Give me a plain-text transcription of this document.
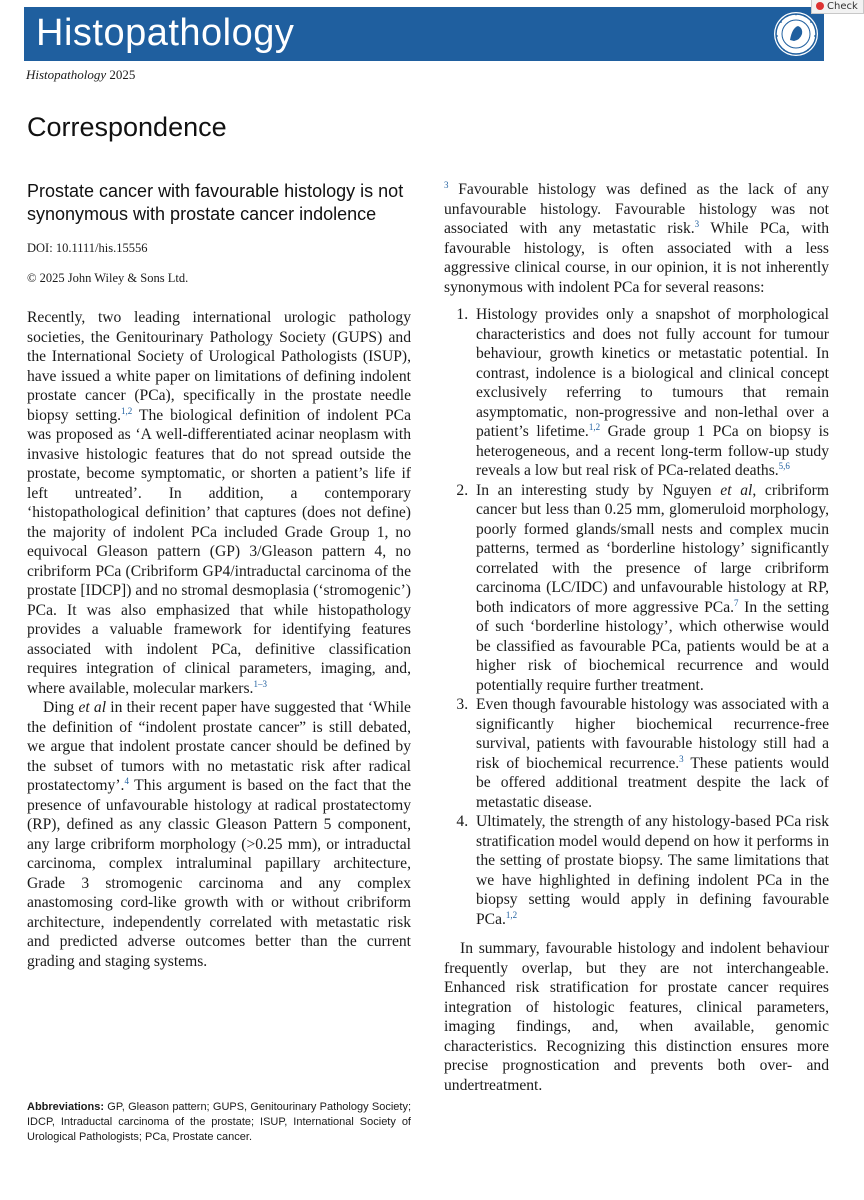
Histopathology
Check
Histopathology 2025
Correspondence
Prostate cancer with favourable histology is not synonymous with prostate cancer indolence
DOI: 10.1111/his.15556
© 2025 John Wiley & Sons Ltd.

Recently, two leading international urologic pathology societies, the Genitourinary Pathology Society (GUPS) and the International Society of Urological Pathologists (ISUP), have issued a white paper on limitations of defining indolent prostate cancer (PCa), specifically in the prostate needle biopsy setting.$^{1,2}$ The biological definition of indolent PCa was proposed as ‘A well-differentiated acinar neoplasm with invasive histologic features that do not spread outside the prostate, become symptomatic, or shorten a patient’s life if left untreated’. In addition, a contemporary ‘histopathological definition’ that captures (does not define) the majority of indolent PCa included Grade Group 1, no equivocal Gleason pattern (GP) 3/Gleason pattern 4, no cribriform PCa (Cribriform GP4/intraductal carcinoma of the prostate [IDCP]) and no stromal desmoplasia (‘stromogenic’) PCa. It was also emphasized that while histopathology provides a valuable framework for identifying features associated with indolent PCa, definitive classification requires integration of clinical parameters, imaging, and, where available, molecular markers.$^{1-3}$

Ding et al in their recent paper have suggested that ‘While the definition of “indolent prostate cancer” is still debated, we argue that indolent prostate cancer should be defined by the subset of tumors with no metastatic risk after radical prostatectomy’.$^4$ This argument is based on the fact that the presence of unfavourable histology at radical prostatectomy (RP), defined as any classic Gleason Pattern 5 component, any large cribriform morphology (>0.25 mm), or intraductal carcinoma, complex intraluminal papillary architecture, Grade 3 stromogenic carcinoma and any complex anastomosing cord-like growth with or without cribriform architecture, independently correlated with metastatic risk and predicted adverse outcomes better than the current grading and staging systems.

$^3$ Favourable histology was defined as the lack of any unfavourable histology. Favourable histology was not associated with any metastatic risk.$^3$ While PCa, with favourable histology, is often associated with a less aggressive clinical course, in our opinion, it is not inherently synonymous with indolent PCa for several reasons:

1. Histology provides only a snapshot of morphological characteristics and does not fully account for tumour behaviour, growth kinetics or metastatic potential. In contrast, indolence is a biological and clinical concept exclusively referring to tumours that remain asymptomatic, non-progressive and non-lethal over a patient’s lifetime.$^{1,2}$ Grade group 1 PCa on biopsy is heterogeneous, and a recent long-term follow-up study reveals a low but real risk of PCa-related deaths.$^{5,6}$
2. In an interesting study by Nguyen et al, cribriform cancer but less than 0.25 mm, glomeruloid morphology, poorly formed glands/small nests and complex mucin patterns, termed as ‘borderline histology’ significantly correlated with the presence of large cribriform carcinoma (LC/IDC) and unfavourable histology at RP, both indicators of more aggressive PCa.$^7$ In the setting of such ‘borderline histology’, which otherwise would be classified as favourable PCa, patients would be at a higher risk of biochemical recurrence and would potentially require further treatment.
3. Even though favourable histology was associated with a significantly higher biochemical recurrence-free survival, patients with favourable histology still had a risk of biochemical recurrence.$^3$ These patients would be offered additional treatment despite the lack of metastatic disease.
4. Ultimately, the strength of any histology-based PCa risk stratification model would depend on how it performs in the setting of prostate biopsy. The same limitations that we have highlighted in defining indolent PCa in the biopsy setting would apply in defining favourable PCa.$^{1,2}$

In summary, favourable histology and indolent behaviour frequently overlap, but they are not interchangeable. Enhanced risk stratification for prostate cancer requires integration of histologic features, clinical parameters, imaging findings, and, when available, genomic characteristics. Recognizing this distinction ensures more precise prognostication and prevents both over- and undertreatment.

Abbreviations: GP, Gleason pattern; GUPS, Genitourinary Pathology Society; IDCP, Intraductal carcinoma of the prostate; ISUP, International Society of Urological Pathologists; PCa, Prostate cancer.
